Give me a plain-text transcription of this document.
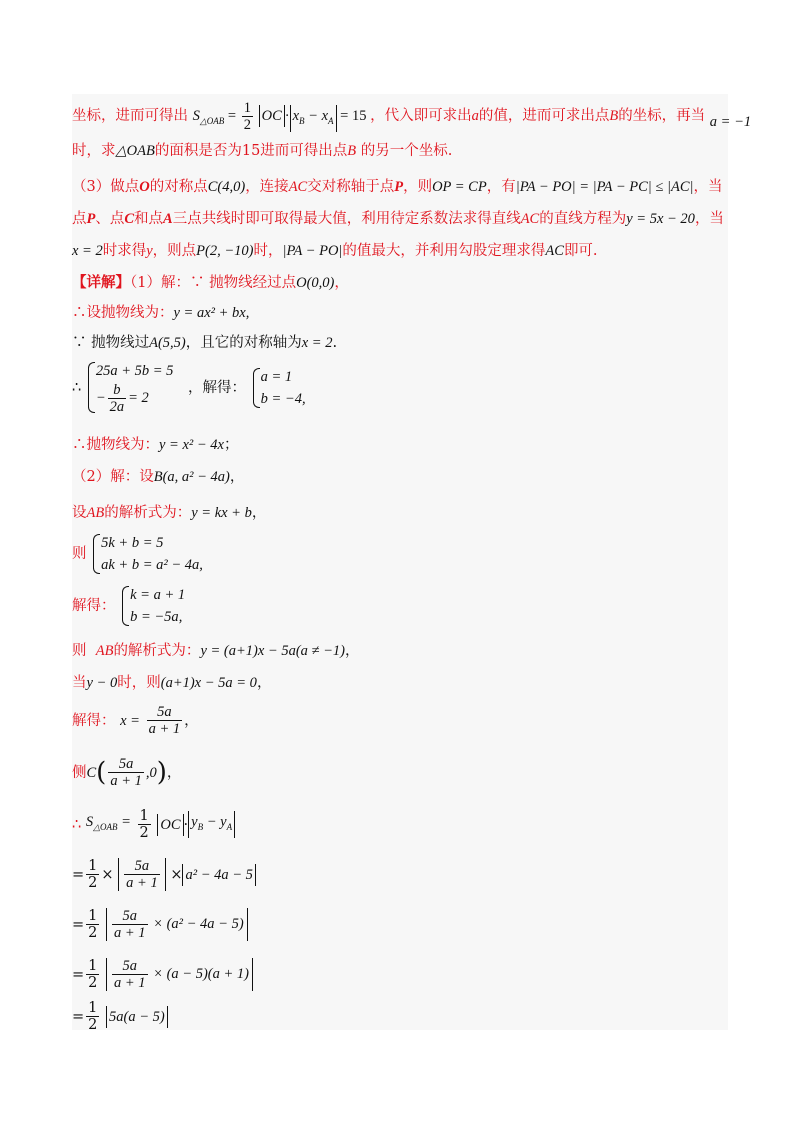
坐标，进而可得出 $S_{\triangle OAB} = \frac{1}{2}$ OC · $x_B - x_A = 15$ ，代入即可求出a的值，进而可求出点B的坐标，再当 a = −1
时，求△OAB的面积是否为15进而可得出点B 的另一个坐标.
（3）做点O的对称点C(4,0)，连接AC交对称轴于点P，则OP = CP，有|PA − PO| = |PA − PC| ≤ |AC|，当
点P、点C和点A三点共线时即可取得最大值，利用待定系数法求得直线AC的直线方程为y = 5x − 20，当
x = 2时求得y，则点P(2, −10)时，|PA − PO|的值最大，并利用勾股定理求得AC即可.
【详解】（1）解：∵ 抛物线经过点O(0,0)，
∴设抛物线为：y = ax² + bx,
∵ 抛物线过A(5,5)，且它的对称轴为x = 2.
∴
25a + 5b = 5
− $\frac{b}{2a} = 2$
，解得：
a = 1
b = −4,
∴抛物线为：y = x² − 4x；
（2）解：设B(a, a² − 4a)，
设AB的解析式为：y = kx + b，
则
5k + b = 5
ak + b = a² − 4a,
解得：
k = a + 1
b = −5a,
则 AB的解析式为：y = (a+1)x − 5a(a ≠ −1)，
当y − 0时，则(a+1)x − 5a = 0，
解得： $x = \frac{5a}{a + 1}$ ，
侧$C( \frac{5a}{a + 1} ,0)$，
∴ $S_{\triangle OAB} = \frac{1}{2}$ OC · $y_B - y_A$
= $\frac{1}{2} \times \frac{5a}{a + 1} \times a^2 - 4a - 5$
= $\frac{1}{2}$
$\frac{5a}{a + 1} \times (a^2 - 4a - 5)$
= $\frac{1}{2}$
$\frac{5a}{a + 1} \times (a - 5)(a + 1)$
= $\frac{1}{2} 5a(a - 5)$
